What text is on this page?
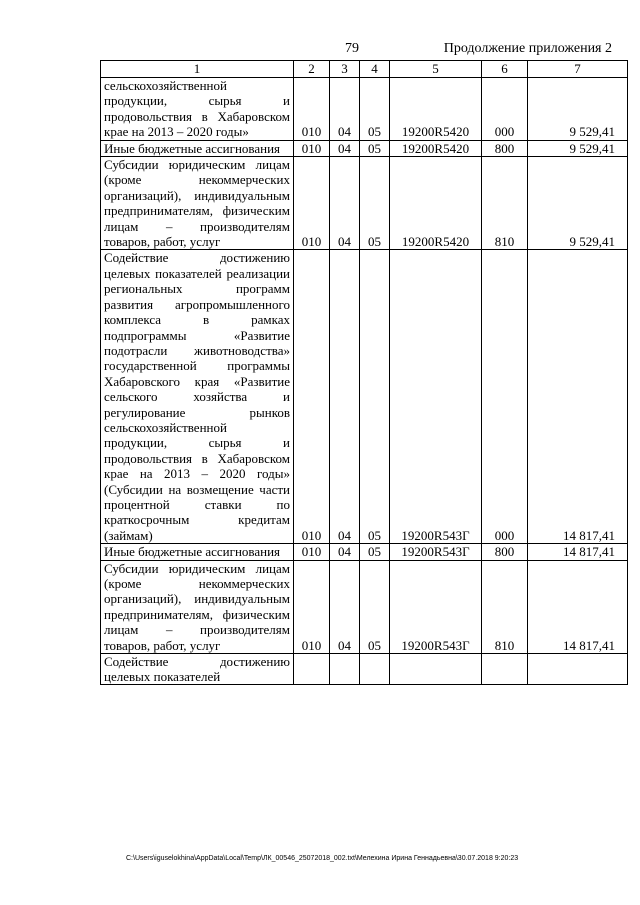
79	Продолжение приложения 2
1	2	3	4	5	6	7
сельскохозяйственной продукции, сырья и продовольствия в Хабаровском крае на 2013 – 2020 годы»	010	04	05	19200R5420	000	9 529,41
Иные бюджетные ассигнования	010	04	05	19200R5420	800	9 529,41
Субсидии юридическим лицам (кроме некоммерческих организаций), индивидуальным предпринимателям, физическим лицам – производителям товаров, работ, услуг	010	04	05	19200R5420	810	9 529,41
Содействие достижению целевых показателей реализации региональных программ развития агропромышленного комплекса в рамках подпрограммы «Развитие подотрасли животноводства» государственной программы Хабаровского края «Развитие сельского хозяйства и регулирование рынков сельскохозяйственной продукции, сырья и продовольствия в Хабаровском крае на 2013 – 2020 годы» (Субсидии на возмещение части процентной ставки по краткосрочным кредитам (займам)	010	04	05	19200R543Г	000	14 817,41
Иные бюджетные ассигнования	010	04	05	19200R543Г	800	14 817,41
Субсидии юридическим лицам (кроме некоммерческих организаций), индивидуальным предпринимателям, физическим лицам – производителям товаров, работ, услуг	010	04	05	19200R543Г	810	14 817,41
Содействие достижению целевых показателей						
C:\Users\iguselokhina\AppData\Local\Temp\ЛК_00546_25072018_002.txt\Мелехина Ирина Геннадьевна\30.07.2018 9:20:23
